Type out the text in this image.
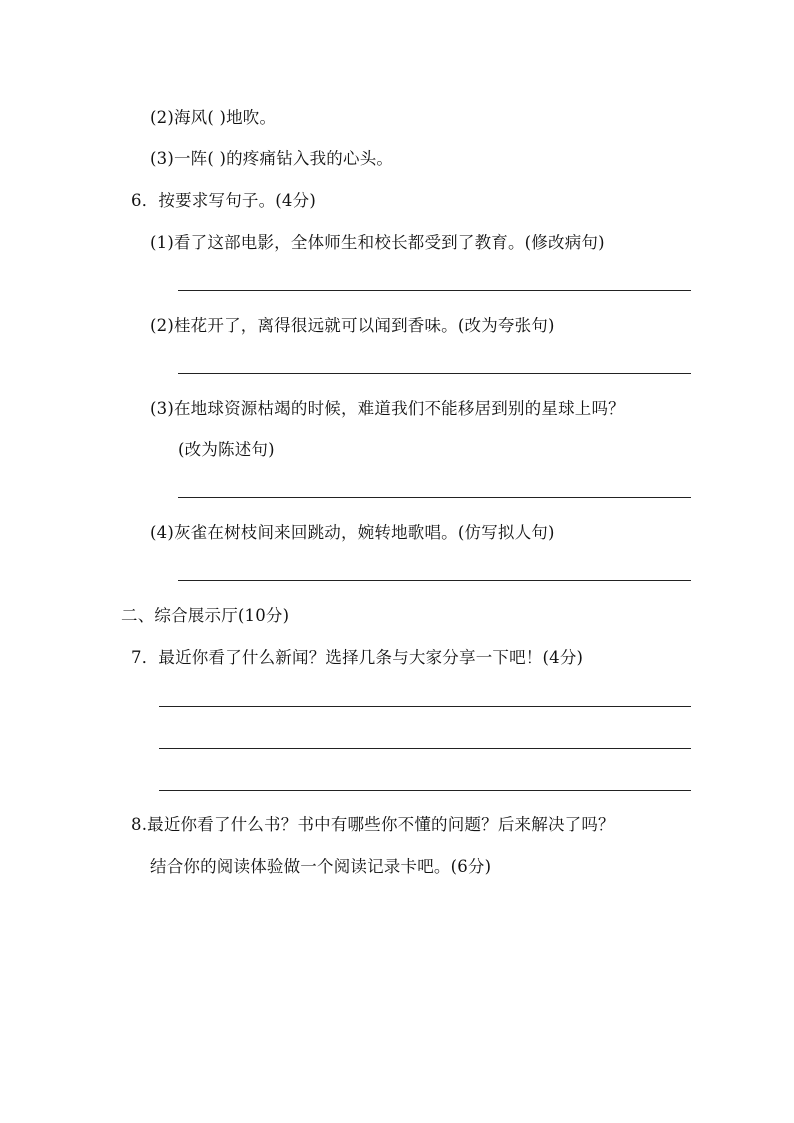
(2)海风( )地吹。
(3)一阵( )的疼痛钻入我的心头。
6．按要求写句子。(4分)
(1)看了这部电影，全体师生和校长都受到了教育。(修改病句)
(2)桂花开了，离得很远就可以闻到香味。(改为夸张句)
(3)在地球资源枯竭的时候，难道我们不能移居到别的星球上吗？
(改为陈述句)
(4)灰雀在树枝间来回跳动，婉转地歌唱。(仿写拟人句)
二、综合展示厅(10分)
7．最近你看了什么新闻？选择几条与大家分享一下吧！(4分)
8.最近你看了什么书？书中有哪些你不懂的问题？后来解决了吗？
结合你的阅读体验做一个阅读记录卡吧。(6分)
